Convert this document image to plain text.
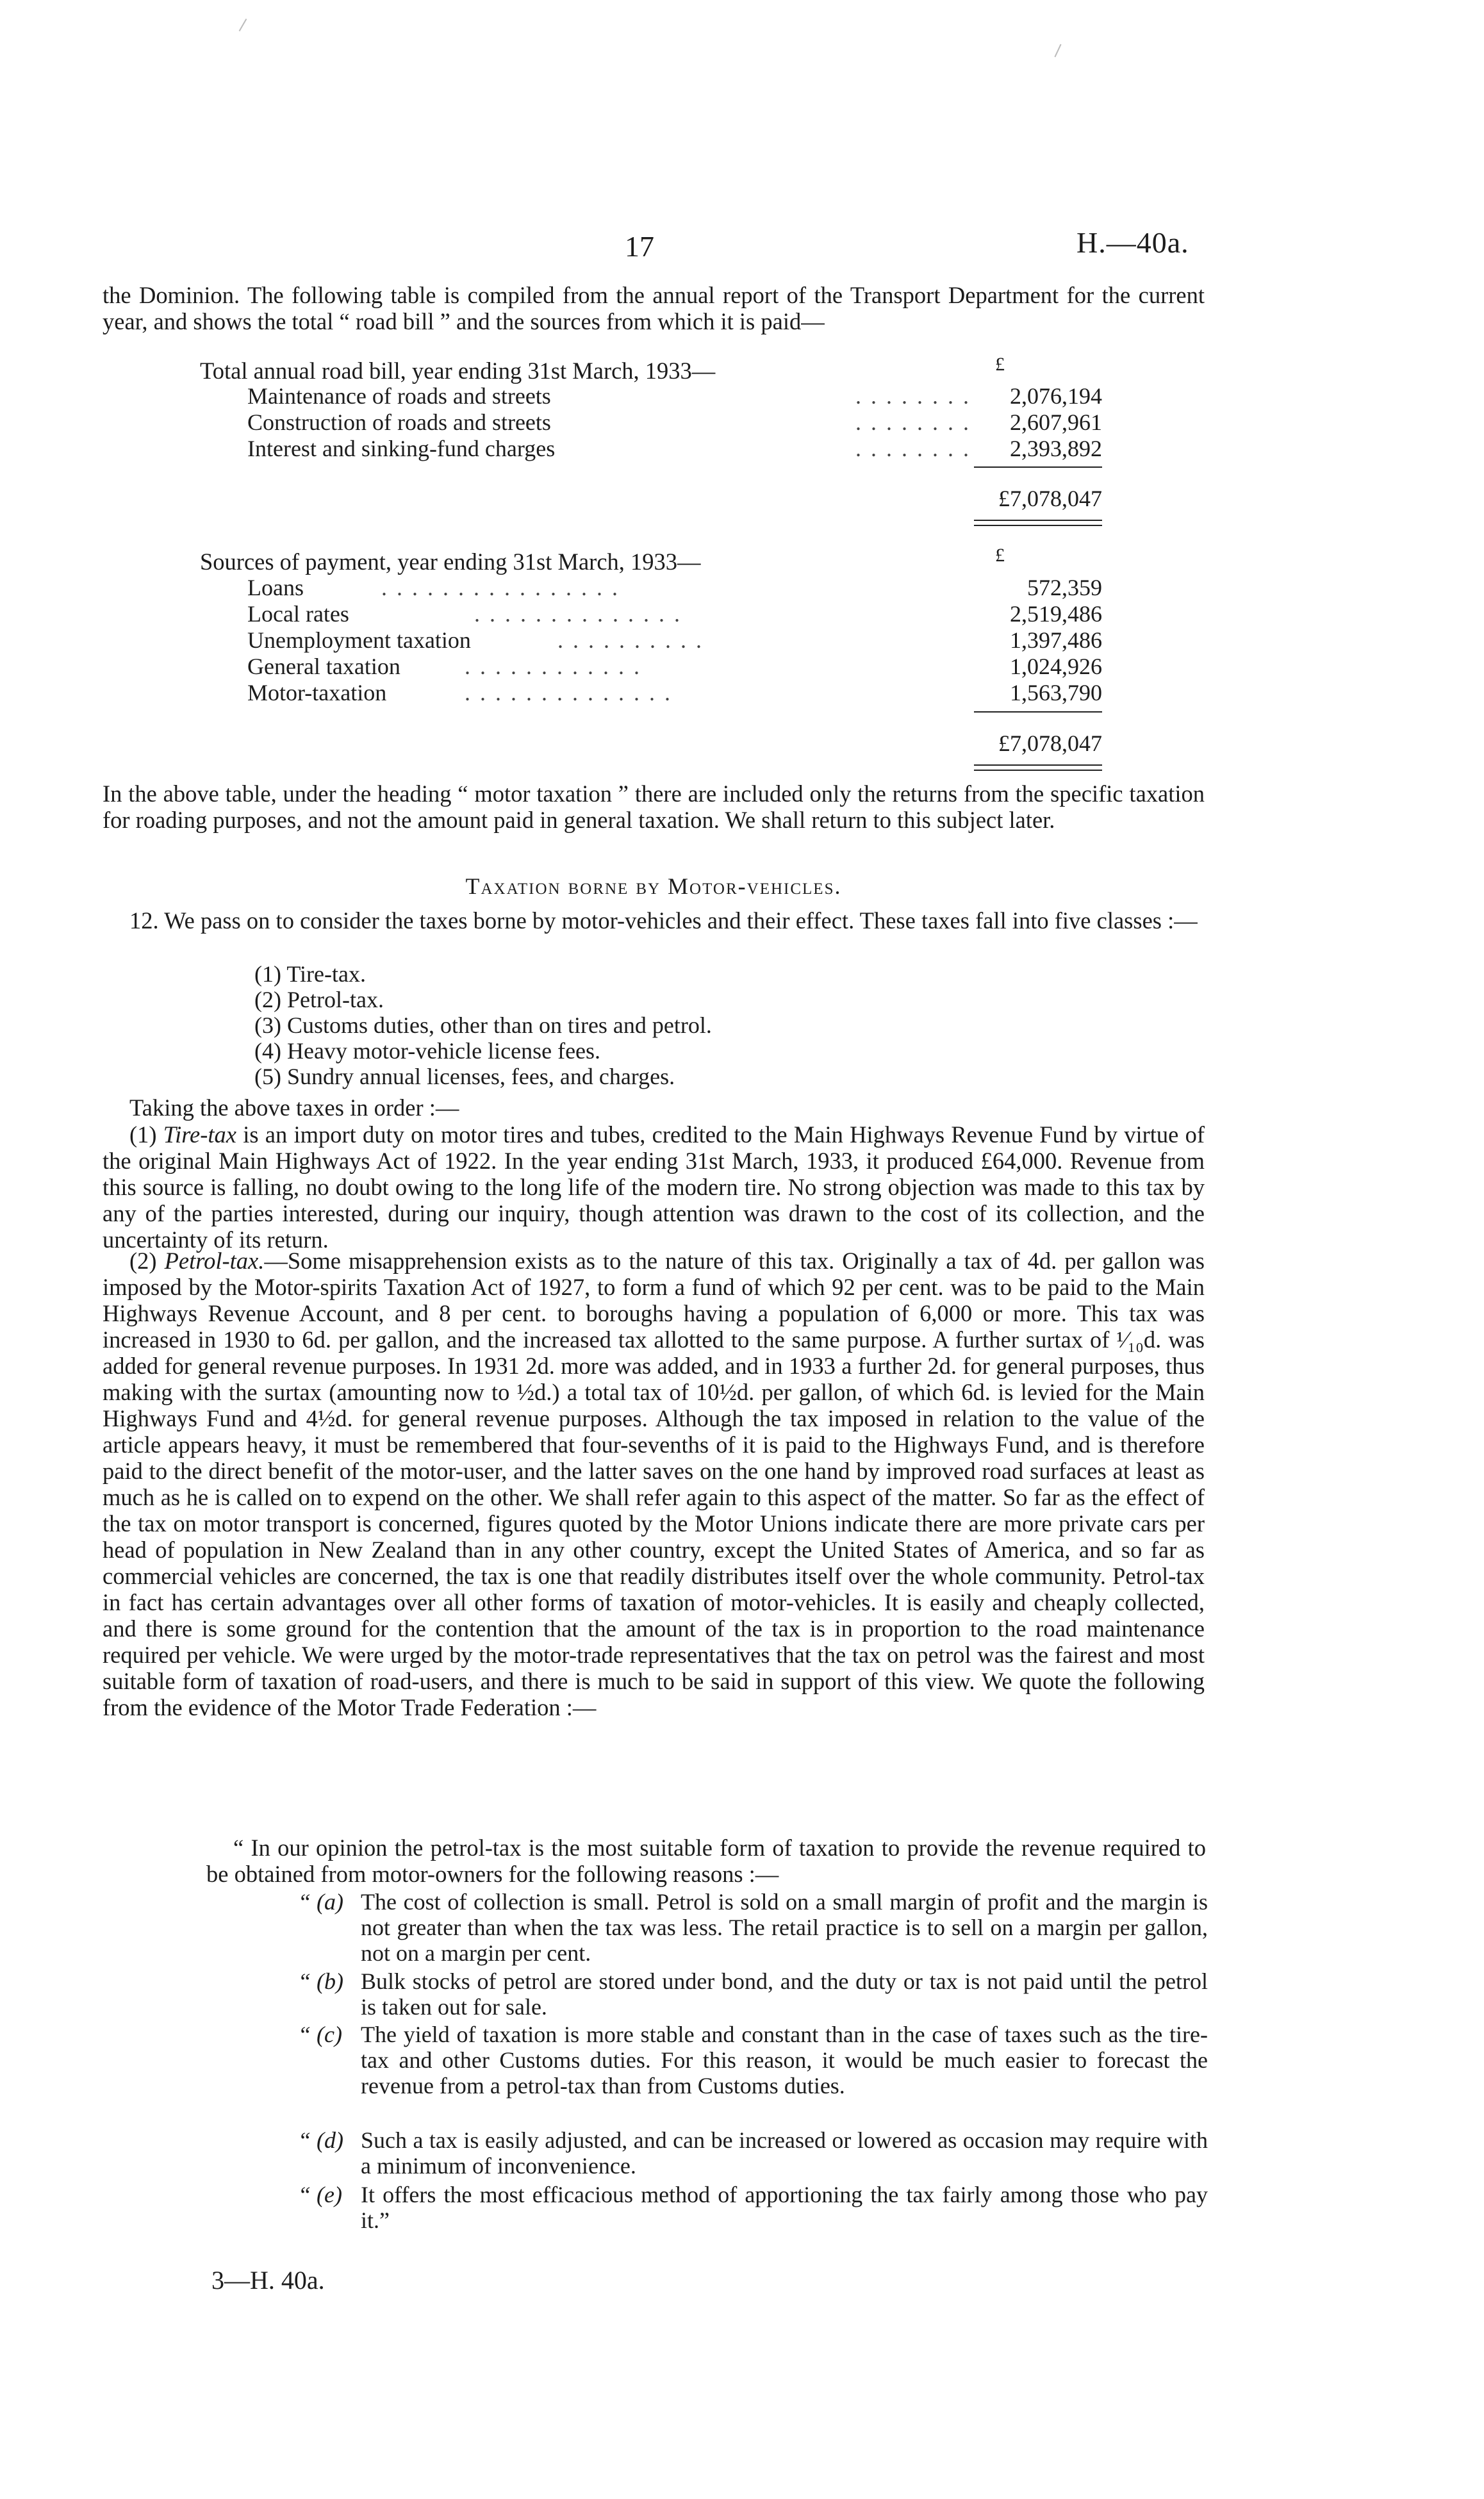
17	H.—40a.

the Dominion. The following table is compiled from the annual report of the Transport Department for the current year, and shows the total “ road bill ” and the sources from which it is paid—

Total annual road bill, year ending 31st March, 1933—	£
Maintenance of roads and streets	. . . . . . . . 2,076,194
Construction of roads and streets	. . . . . . . . 2,607,961
Interest and sinking-fund charges	. . . . . . . . 2,393,892
£7,078,047
Sources of payment, year ending 31st March, 1933—	£
Loans	. . . . . . . . . . . . . . . .	572,359
Local rates	. . . . . . . . . . . . . .	2,519,486
Unemployment taxation	. . . . . . . . . .	1,397,486
General taxation	. . . . . . . . . . . .	1,024,926
Motor-taxation	. . . . . . . . . . . . . .	1,563,790
£7,078,047

In the above table, under the heading “ motor taxation ” there are included only the returns from the specific taxation for roading purposes, and not the amount paid in general taxation. We shall return to this subject later.

Taxation borne by Motor-vehicles.

12. We pass on to consider the taxes borne by motor-vehicles and their effect. These taxes fall into five classes :—

(1) Tire-tax.
(2) Petrol-tax.
(3) Customs duties, other than on tires and petrol.
(4) Heavy motor-vehicle license fees.
(5) Sundry annual licenses, fees, and charges.
Taking the above taxes in order :—

(1) Tire-tax is an import duty on motor tires and tubes, credited to the Main Highways Revenue Fund by virtue of the original Main Highways Act of 1922. In the year ending 31st March, 1933, it produced £64,000. Revenue from this source is falling, no doubt owing to the long life of the modern tire. No strong objection was made to this tax by any of the parties interested, during our inquiry, though attention was drawn to the cost of its collection, and the uncertainty of its return.

(2) Petrol-tax.—Some misapprehension exists as to the nature of this tax. Originally a tax of 4d. per gallon was imposed by the Motor-spirits Taxation Act of 1927, to form a fund of which 92 per cent. was to be paid to the Main Highways Revenue Account, and 8 per cent. to boroughs having a population of 6,000 or more. This tax was increased in 1930 to 6d. per gallon, and the increased tax allotted to the same purpose. A further surtax of ¹⁄₁₀d. was added for general revenue purposes. In 1931 2d. more was added, and in 1933 a further 2d. for general purposes, thus making with the surtax (amounting now to ½d.) a total tax of 10½d. per gallon, of which 6d. is levied for the Main Highways Fund and 4½d. for general revenue purposes. Although the tax imposed in relation to the value of the article appears heavy, it must be remembered that four-sevenths of it is paid to the Highways Fund, and is therefore paid to the direct benefit of the motor-user, and the latter saves on the one hand by improved road surfaces at least as much as he is called on to expend on the other. We shall refer again to this aspect of the matter. So far as the effect of the tax on motor transport is concerned, figures quoted by the Motor Unions indicate there are more private cars per head of population in New Zealand than in any other country, except the United States of America, and so far as commercial vehicles are concerned, the tax is one that readily distributes itself over the whole community. Petrol-tax in fact has certain advantages over all other forms of taxation of motor-vehicles. It is easily and cheaply collected, and there is some ground for the contention that the amount of the tax is in proportion to the road maintenance required per vehicle. We were urged by the motor-trade representatives that the tax on petrol was the fairest and most suitable form of taxation of road-users, and there is much to be said in support of this view. We quote the following from the evidence of the Motor Trade Federation :—

“ In our opinion the petrol-tax is the most suitable form of taxation to provide the revenue required to be obtained from motor-owners for the following reasons :—

“ (a) The cost of collection is small. Petrol is sold on a small margin of profit and the margin is not greater than when the tax was less. The retail practice is to sell on a margin per gallon, not on a margin per cent.
“ (b) Bulk stocks of petrol are stored under bond, and the duty or tax is not paid until the petrol is taken out for sale.
“ (c) The yield of taxation is more stable and constant than in the case of taxes such as the tire-tax and other Customs duties. For this reason, it would be much easier to forecast the revenue from a petrol-tax than from Customs duties.
“ (d) Such a tax is easily adjusted, and can be increased or lowered as occasion may require with a minimum of inconvenience.
“ (e) It offers the most efficacious method of apportioning the tax fairly among those who pay it.”
3—H. 40a.
